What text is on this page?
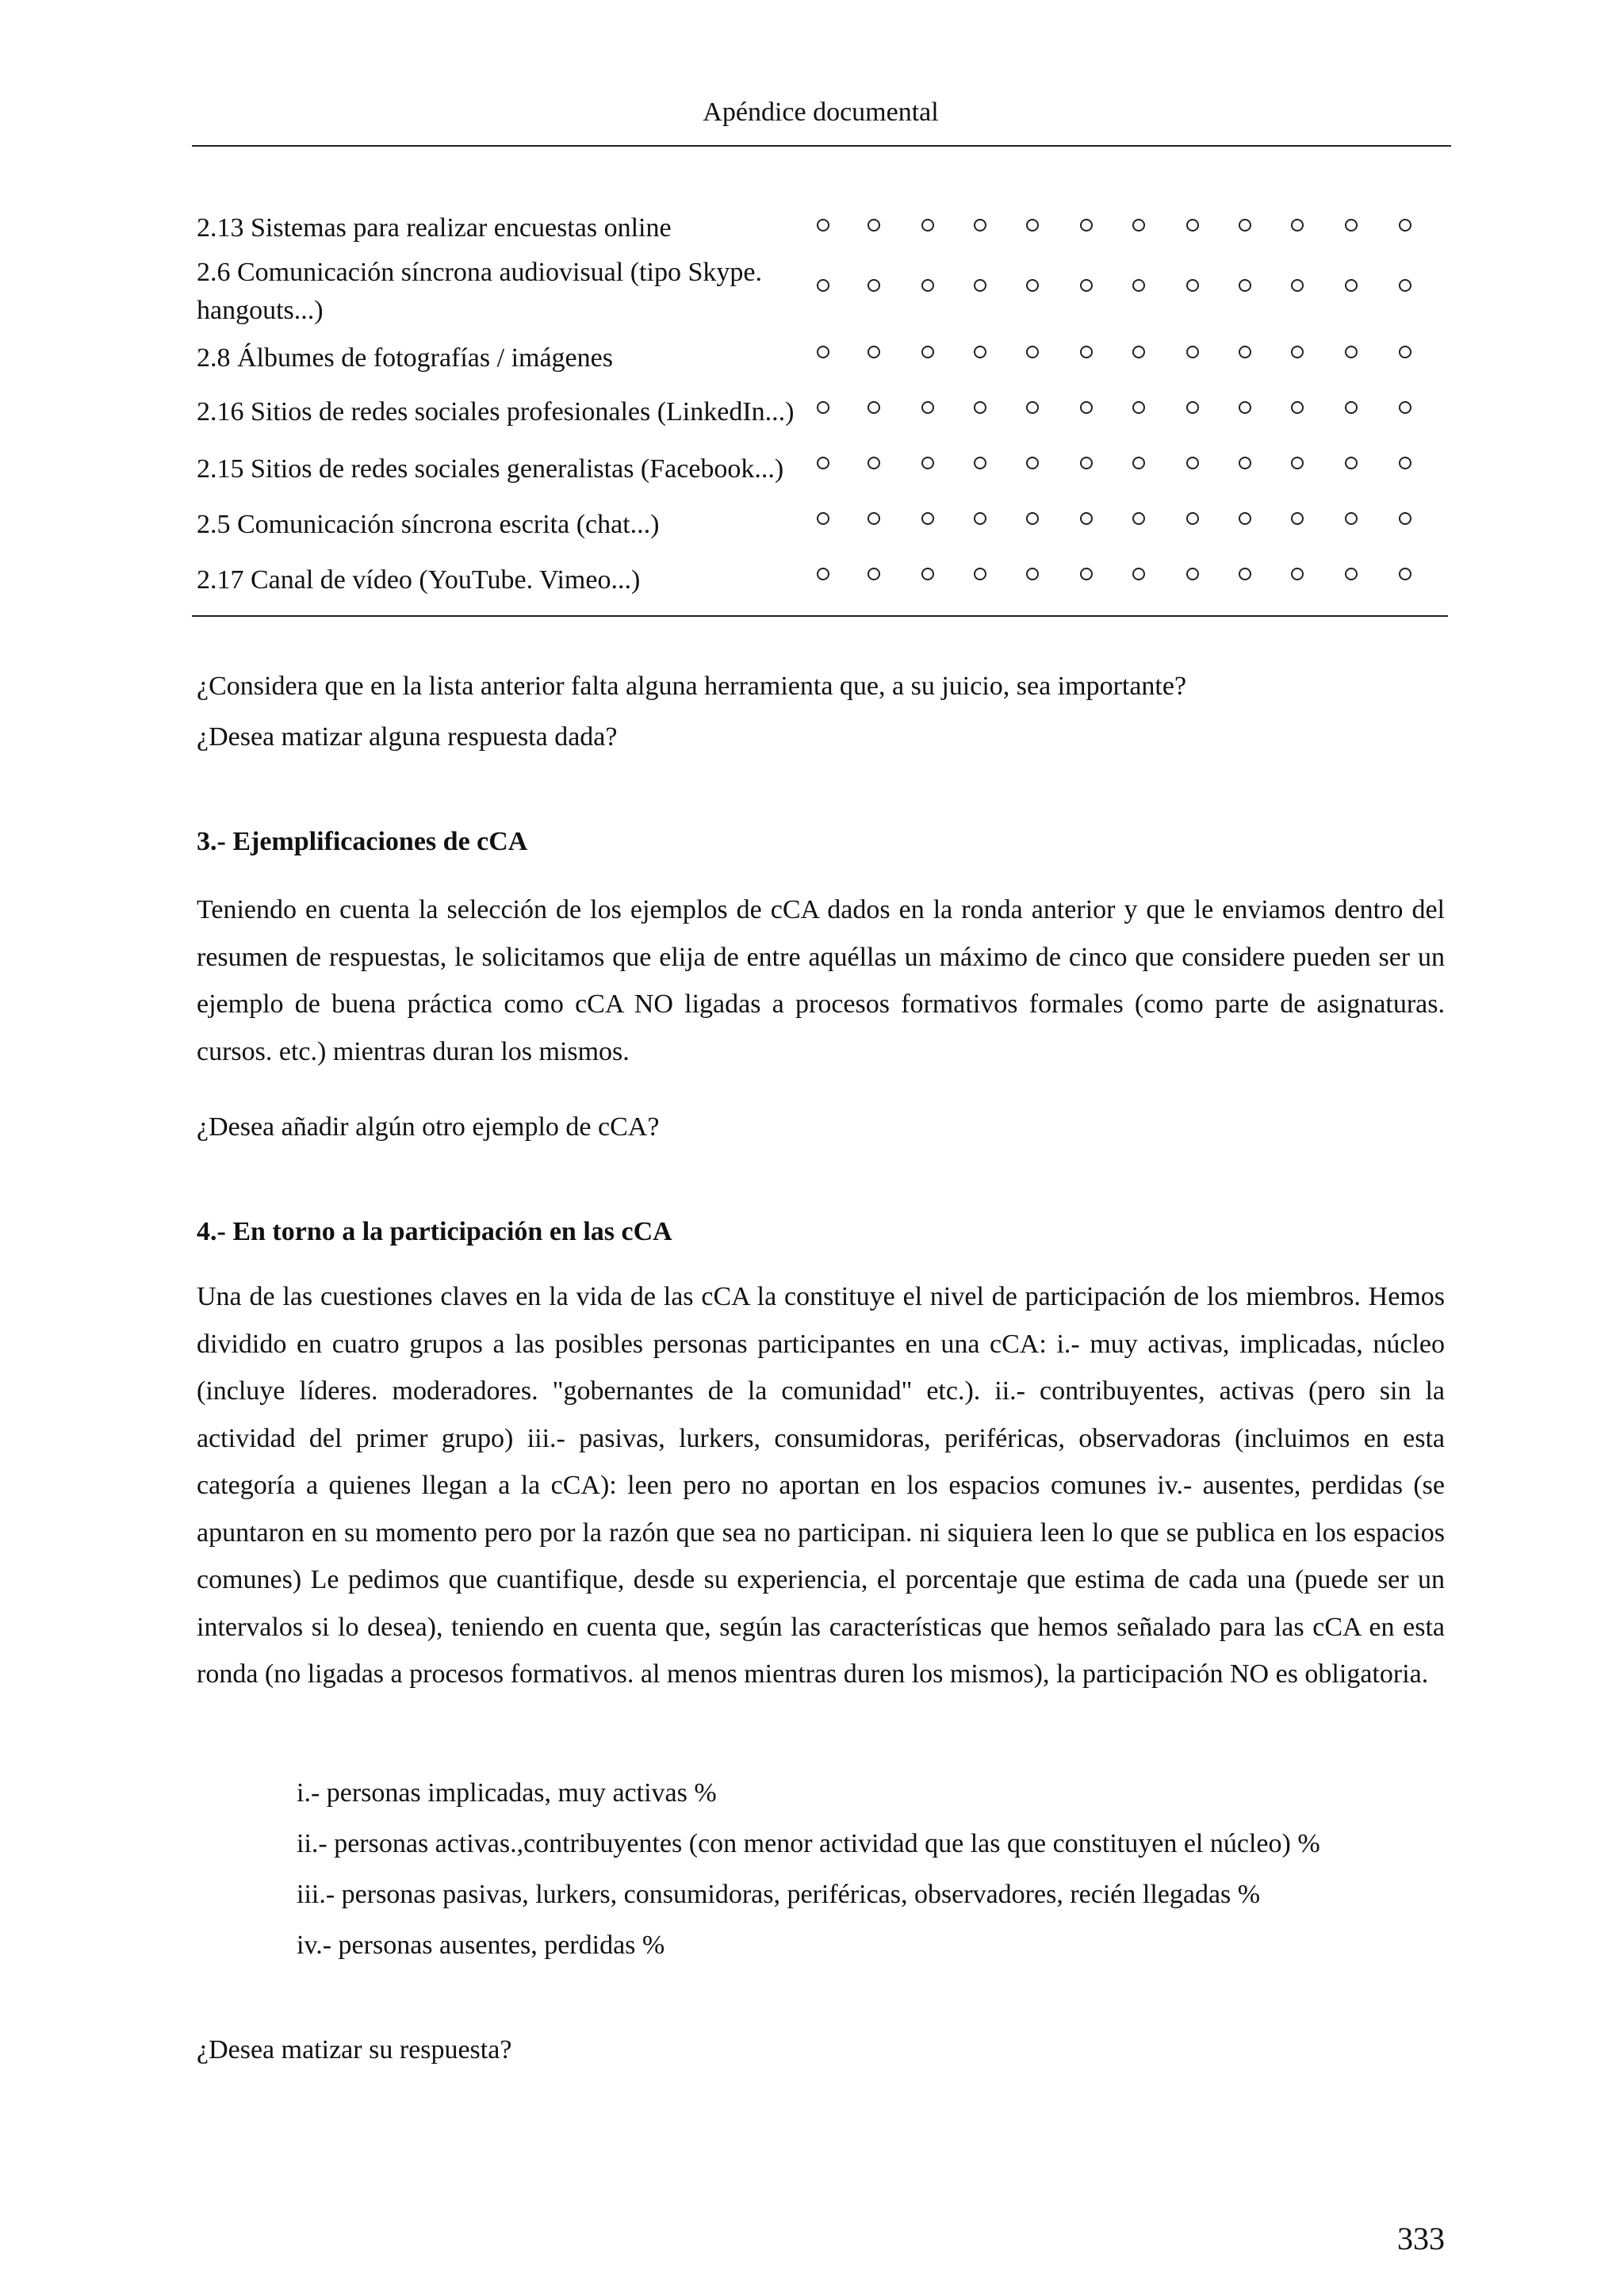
Apéndice documental
2.13 Sistemas para realizar encuestas online
2.6 Comunicación síncrona audiovisual (tipo Skype. hangouts...)
2.8 Álbumes de fotografías / imágenes
2.16 Sitios de redes sociales profesionales (LinkedIn...)
2.15 Sitios de redes sociales generalistas (Facebook...)
2.5 Comunicación síncrona escrita (chat...)
2.17 Canal de vídeo (YouTube. Vimeo...)
¿Considera que en la lista anterior falta alguna herramienta que, a su juicio, sea importante?
¿Desea matizar alguna respuesta dada?
3.- Ejemplificaciones de cCA
Teniendo en cuenta la selección de los ejemplos de cCA dados en la ronda anterior y que le enviamos dentro del resumen de respuestas, le solicitamos que elija de entre aquéllas un máximo de cinco que considere pueden ser un ejemplo de buena práctica como cCA NO ligadas a procesos formativos formales (como parte de asignaturas. cursos. etc.) mientras duran los mismos.
¿Desea añadir algún otro ejemplo de cCA?
4.- En torno a la participación en las cCA
Una de las cuestiones claves en la vida de las cCA la constituye el nivel de participación de los miembros. Hemos dividido en cuatro grupos a las posibles personas participantes en una cCA: i.- muy activas, implicadas, núcleo (incluye líderes. moderadores. "gobernantes de la comunidad" etc.). ii.- contribuyentes, activas (pero sin la actividad del primer grupo) iii.- pasivas, lurkers, consumidoras, periféricas, observadoras (incluimos en esta categoría a quienes llegan a la cCA): leen pero no aportan en los espacios comunes iv.- ausentes, perdidas (se apuntaron en su momento pero por la razón que sea no participan. ni siquiera leen lo que se publica en los espacios comunes) Le pedimos que cuantifique, desde su experiencia, el porcentaje que estima de cada una (puede ser un intervalos si lo desea), teniendo en cuenta que, según las características que hemos señalado para las cCA en esta ronda (no ligadas a procesos formativos. al menos mientras duren los mismos), la participación NO es obligatoria.
i.- personas implicadas, muy activas %
ii.- personas activas.,contribuyentes (con menor actividad que las que constituyen el núcleo) %
iii.- personas pasivas, lurkers, consumidoras, periféricas, observadores, recién llegadas %
iv.- personas ausentes, perdidas %
¿Desea matizar su respuesta?
333
